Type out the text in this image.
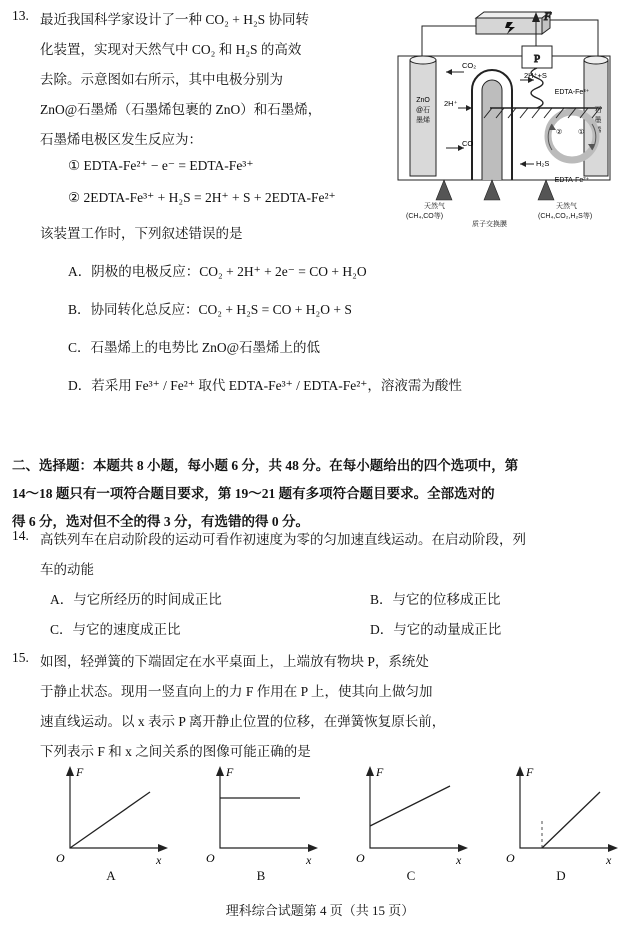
13. 最近我国科学家设计了一种 CO₂ + H₂S 协同转
化装置，实现对天然气中 CO₂ 和 H₂S 的高效
去除。示意图如右所示，其中电极分别为
ZnO@石墨烯（石墨烯包裹的 ZnO）和石墨烯，
石墨烯电极区发生反应为：
① EDTA-Fe²⁺ − e⁻ = EDTA-Fe³⁺
② 2EDTA-Fe³⁺ + H₂S = 2H⁺ + S + 2EDTA-Fe²⁺
该装置工作时，下列叙述错误的是
A．阴极的电极反应：CO₂ + 2H⁺ + 2e⁻ = CO + H₂O
B．协同转化总反应：CO₂ + H₂S = CO + H₂O + S
C．石墨烯上的电势比 ZnO@石墨烯上的低
D．若采用 Fe³⁺ / Fe²⁺ 取代 EDTA-Fe³⁺ / EDTA-Fe²⁺，溶液需为酸性
ZnO
@石
墨烯
石
墨
烯
CO₂
CO
2H⁺
2H⁺+S
H₂S
EDTA-Fe³⁺
EDTA-Fe²⁺
② ①
天然气
(CH₄,CO等)
天然气
(CH₄,CO₂,H₂S等)
质子交换膜
二、选择题：本题共 8 小题，每小题 6 分，共 48 分。在每小题给出的四个选项中，第
14～18 题只有一项符合题目要求，第 19～21 题有多项符合题目要求。全部选对的
得 6 分，选对但不全的得 3 分，有选错的得 0 分。
14. 高铁列车在启动阶段的运动可看作初速度为零的匀加速直线运动。在启动阶段，列
车的动能
A．与它所经历的时间成正比	B．与它的位移成正比
C．与它的速度成正比	D．与它的动量成正比
15. 如图，轻弹簧的下端固定在水平桌面上，上端放有物块 P，系统处
于静止状态。现用一竖直向上的力 F 作用在 P 上，使其向上做匀加
速直线运动。以 x 表示 P 离开静止位置的位移，在弹簧恢复原长前，
下列表示 F 和 x 之间关系的图像可能正确的是
F
P
F
x
O
A
F
x
O
B
F
x
O
C
F
x
O
D
理科综合试题第 4 页（共 15 页）
